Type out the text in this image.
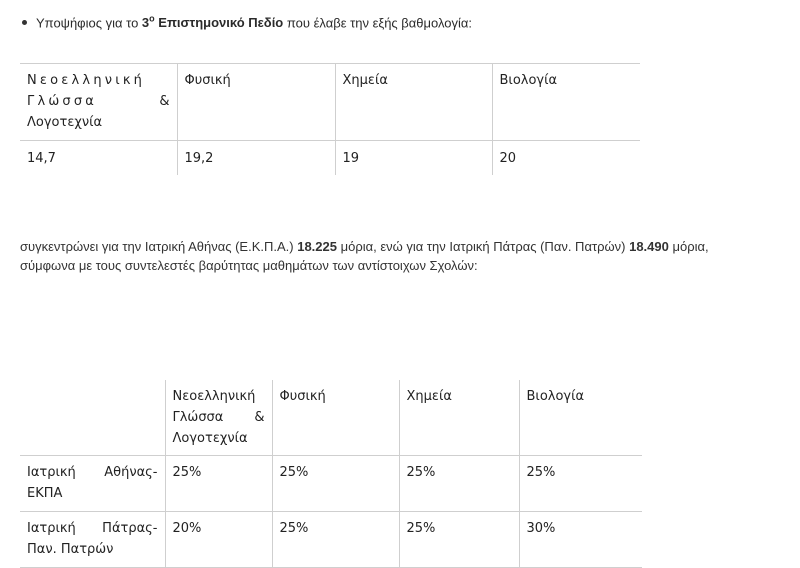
Υποψήφιος για το $3^o$ Επιστημονικό Πεδίο που έλαβε την εξής βαθμολογία:
Νεοελληνική
Γλώσσα &
Λογοτεχνία	Φυσική	Χημεία	Βιολογία
14,7	19,2	19	20
συγκεντρώνει για την Ιατρική Αθήνας (Ε.Κ.Π.Α.) 18.225 μόρια, ενώ για την Ιατρική Πάτρας (Παν. Πατρών) 18.490 μόρια,
σύμφωνα με τους συντελεστές βαρύτητας μαθημάτων των αντίστοιχων Σχολών:

	Νεοελληνική
Γλώσσα &
Λογοτεχνία	Φυσική	Χημεία	Βιολογία

Ιατρική Αθήνας-
ΕΚΠΑ	25%	25%	25%	25%

Ιατρική Πάτρας-
Παν. Πατρών	20%	25%	25%	30%
